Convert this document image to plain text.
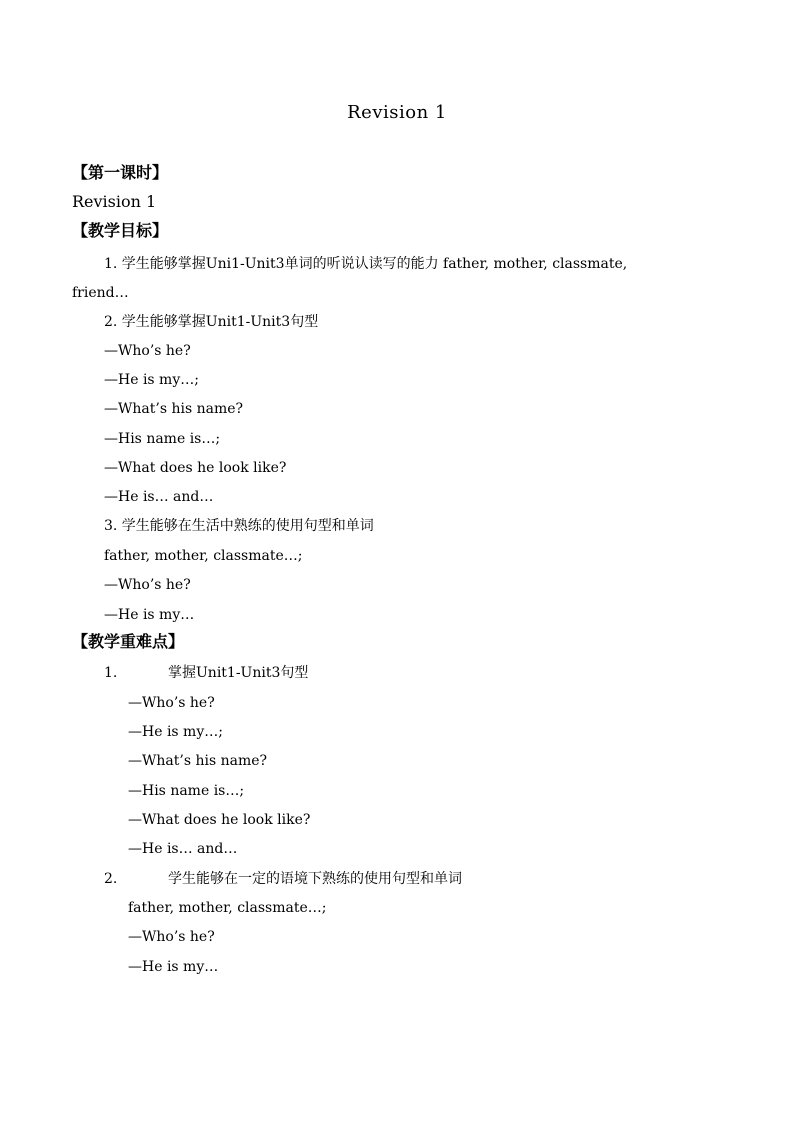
Revision 1
【第一课时】
Revision 1
【教学目标】
1. 学生能够掌握Uni1-Unit3单词的听说认读写的能力 father, mother, classmate,
friend…
2. 学生能够掌握Unit1-Unit3句型
—Who’s he?
—He is my…;
—What’s his name?
—His name is…;
—What does he look like?
—He is… and…
3. 学生能够在生活中熟练的使用句型和单词
father, mother, classmate…;
—Who’s he?
—He is my…
【教学重难点】
1.	掌握Unit1-Unit3句型
—Who’s he?
—He is my…;
—What’s his name?
—His name is…;
—What does he look like?
—He is… and…
2.	学生能够在一定的语境下熟练的使用句型和单词
father, mother, classmate…;
—Who’s he?
—He is my…
